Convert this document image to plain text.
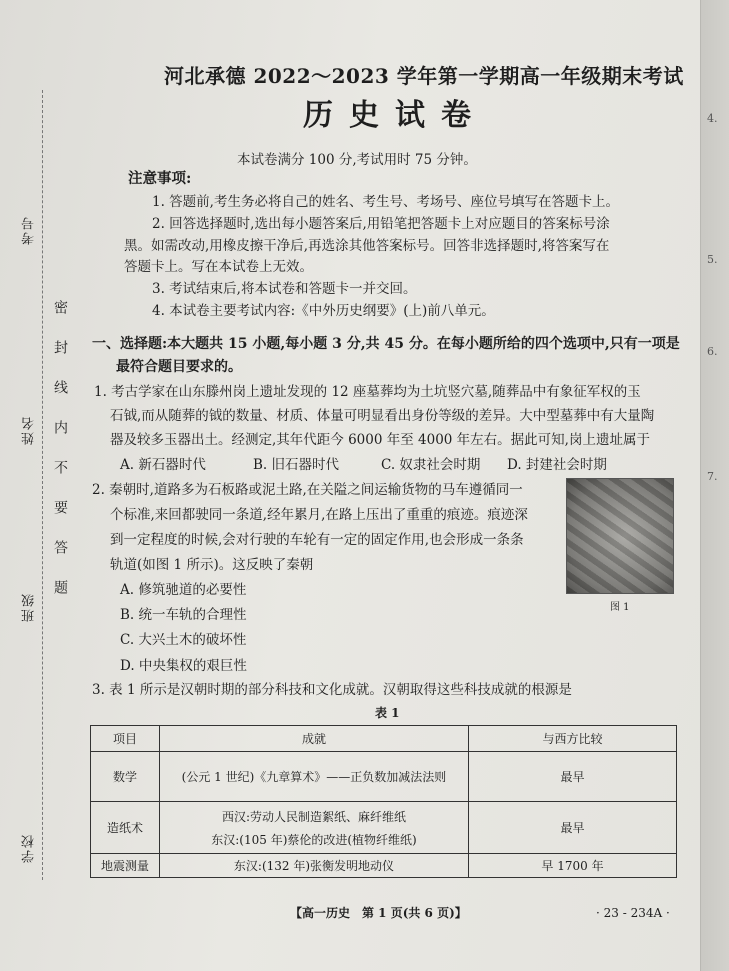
4.
5.
6.
7.
考号
姓名
班级
学校
密封线内不要答题
河北承德 2022～2023 学年第一学期高一年级期末考试
历史试卷
本试卷满分 100 分,考试用时 75 分钟。
注意事项:
1. 答题前,考生务必将自己的姓名、考生号、考场号、座位号填写在答题卡上。
2. 回答选择题时,选出每小题答案后,用铅笔把答题卡上对应题目的答案标号涂
黑。如需改动,用橡皮擦干净后,再选涂其他答案标号。回答非选择题时,将答案写在
答题卡上。写在本试卷上无效。
3. 考试结束后,将本试卷和答题卡一并交回。
4. 本试卷主要考试内容:《中外历史纲要》(上)前八单元。
一、选择题:本大题共 15 小题,每小题 3 分,共 45 分。在每小题所给的四个选项中,只有一项是
最符合题目要求的。
1. 考古学家在山东滕州岗上遗址发现的 12 座墓葬均为土坑竖穴墓,随葬品中有象征军权的玉
石钺,而从随葬的钺的数量、材质、体量可明显看出身份等级的差异。大中型墓葬中有大量陶
器及较多玉器出土。经测定,其年代距今 6000 年至 4000 年左右。据此可知,岗上遗址属于
A. 新石器时代	B. 旧石器时代	C. 奴隶社会时期 D. 封建社会时期
2. 秦朝时,道路多为石板路或泥土路,在关隘之间运输货物的马车遵循同一
个标准,来回都驶同一条道,经年累月,在路上压出了重重的痕迹。痕迹深
到一定程度的时候,会对行驶的车轮有一定的固定作用,也会形成一条条
轨道(如图 1 所示)。这反映了秦朝
A. 修筑驰道的必要性
B. 统一车轨的合理性
C. 大兴土木的破坏性
D. 中央集权的艰巨性
图 1
3. 表 1 所示是汉朝时期的部分科技和文化成就。汉朝取得这些科技成就的根源是
表 1
项目	成就	与西方比较
数学	(公元 1 世纪)《九章算术》——正负数加减法法则	最早
造纸术	西汉:劳动人民制造絮纸、麻纤维纸
东汉:(105 年)蔡伦的改进(植物纤维纸)	最早
地震测量	东汉:(132 年)张衡发明地动仪	早 1700 年
【高一历史　第 1 页(共 6 页)】	· 23 - 234A ·
